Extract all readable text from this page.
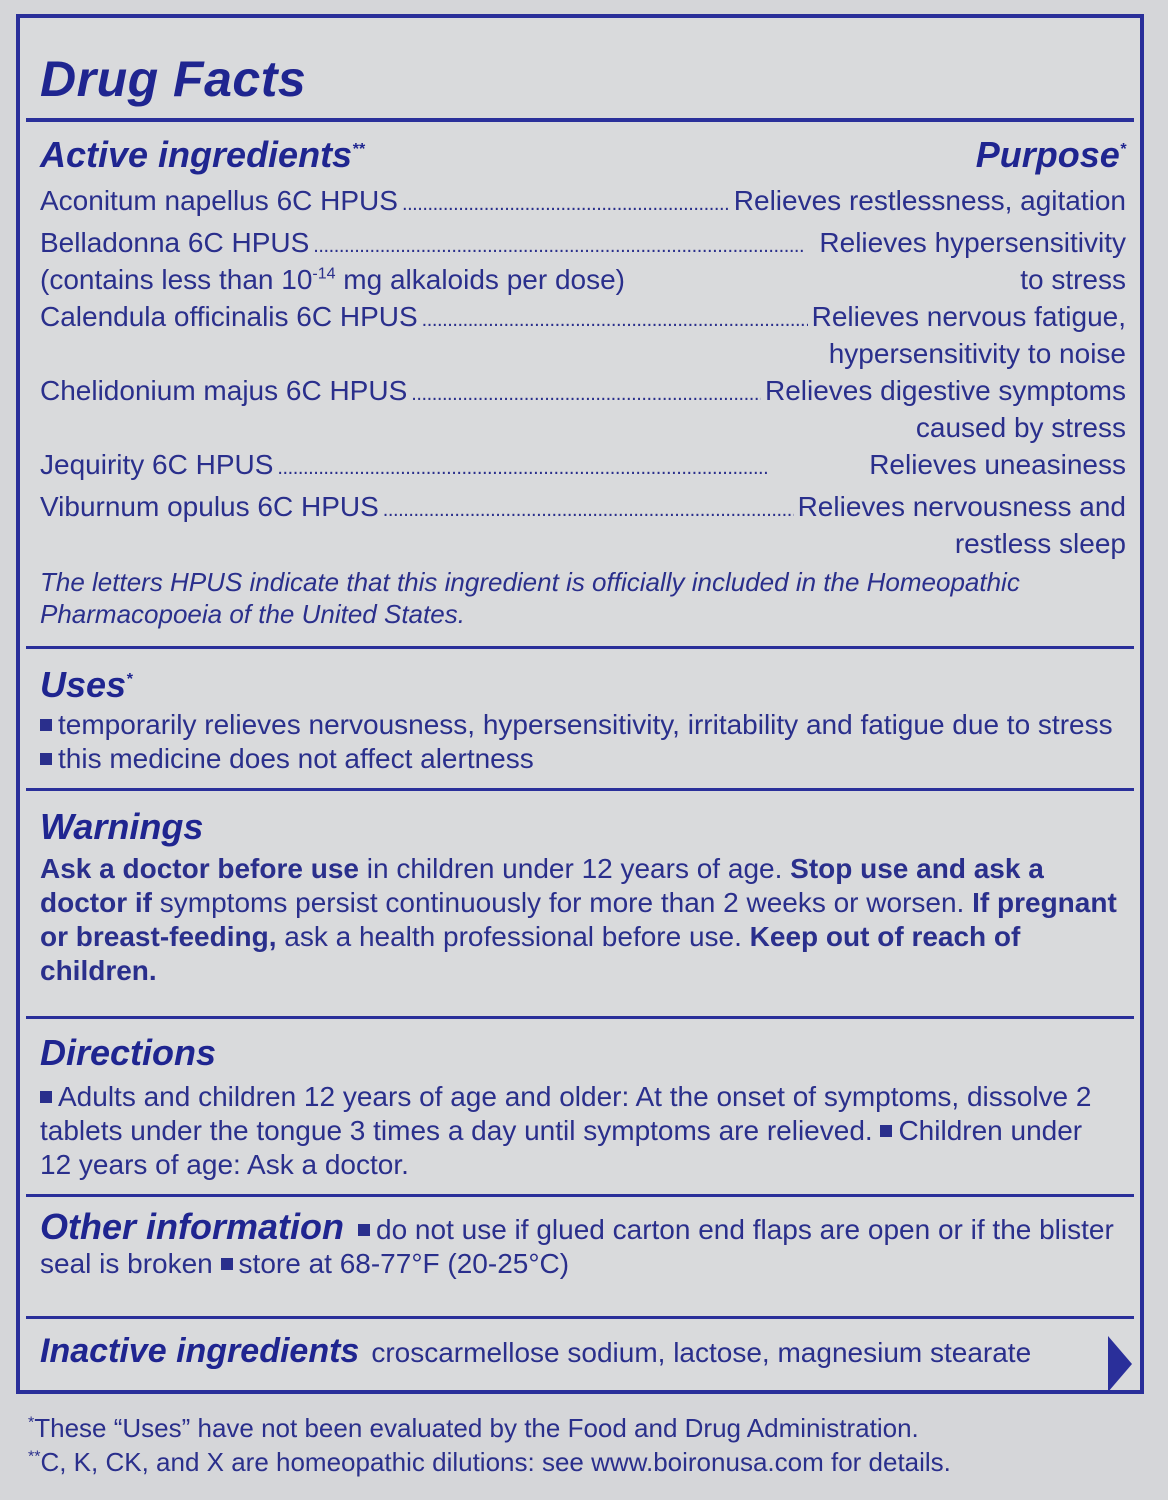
Drug Facts
Active ingredients**	Purpose*
Aconitum napellus 6C HPUS . . .	Relieves restlessness, agitation
Belladonna 6C HPUS . . .	Relieves hypersensitivity
(contains less than $10^{-14}$ mg alkaloids per dose)	to stress
Calendula officinalis 6C HPUS . . .	Relieves nervous fatigue,
hypersensitivity to noise
Chelidonium majus 6C HPUS . . .	Relieves digestive symptoms
caused by stress
Jequirity 6C HPUS . . .	Relieves uneasiness
Viburnum opulus 6C HPUS . . .	Relieves nervousness and
restless sleep
The letters HPUS indicate that this ingredient is officially included in the Homeopathic Pharmacopoeia of the United States.
Uses*
temporarily relieves nervousness, hypersensitivity, irritability and fatigue due to stress this medicine does not affect alertness
Warnings
Ask a doctor before use in children under 12 years of age. Stop use and ask a doctor if symptoms persist continuously for more than 2 weeks or worsen. If pregnant or breast-feeding, ask a health professional before use. Keep out of reach of children.
Directions
Adults and children 12 years of age and older: At the onset of symptoms, dissolve 2 tablets under the tongue 3 times a day until symptoms are relieved. Children under 12 years of age: Ask a doctor.
Other information do not use if glued carton end flaps are open or if the blister seal is broken store at 68-77°F (20-25°C)
Inactive ingredients croscarmellose sodium, lactose, magnesium stearate
*These “Uses” have not been evaluated by the Food and Drug Administration.
**C, K, CK, and X are homeopathic dilutions: see www.boironusa.com for details.
